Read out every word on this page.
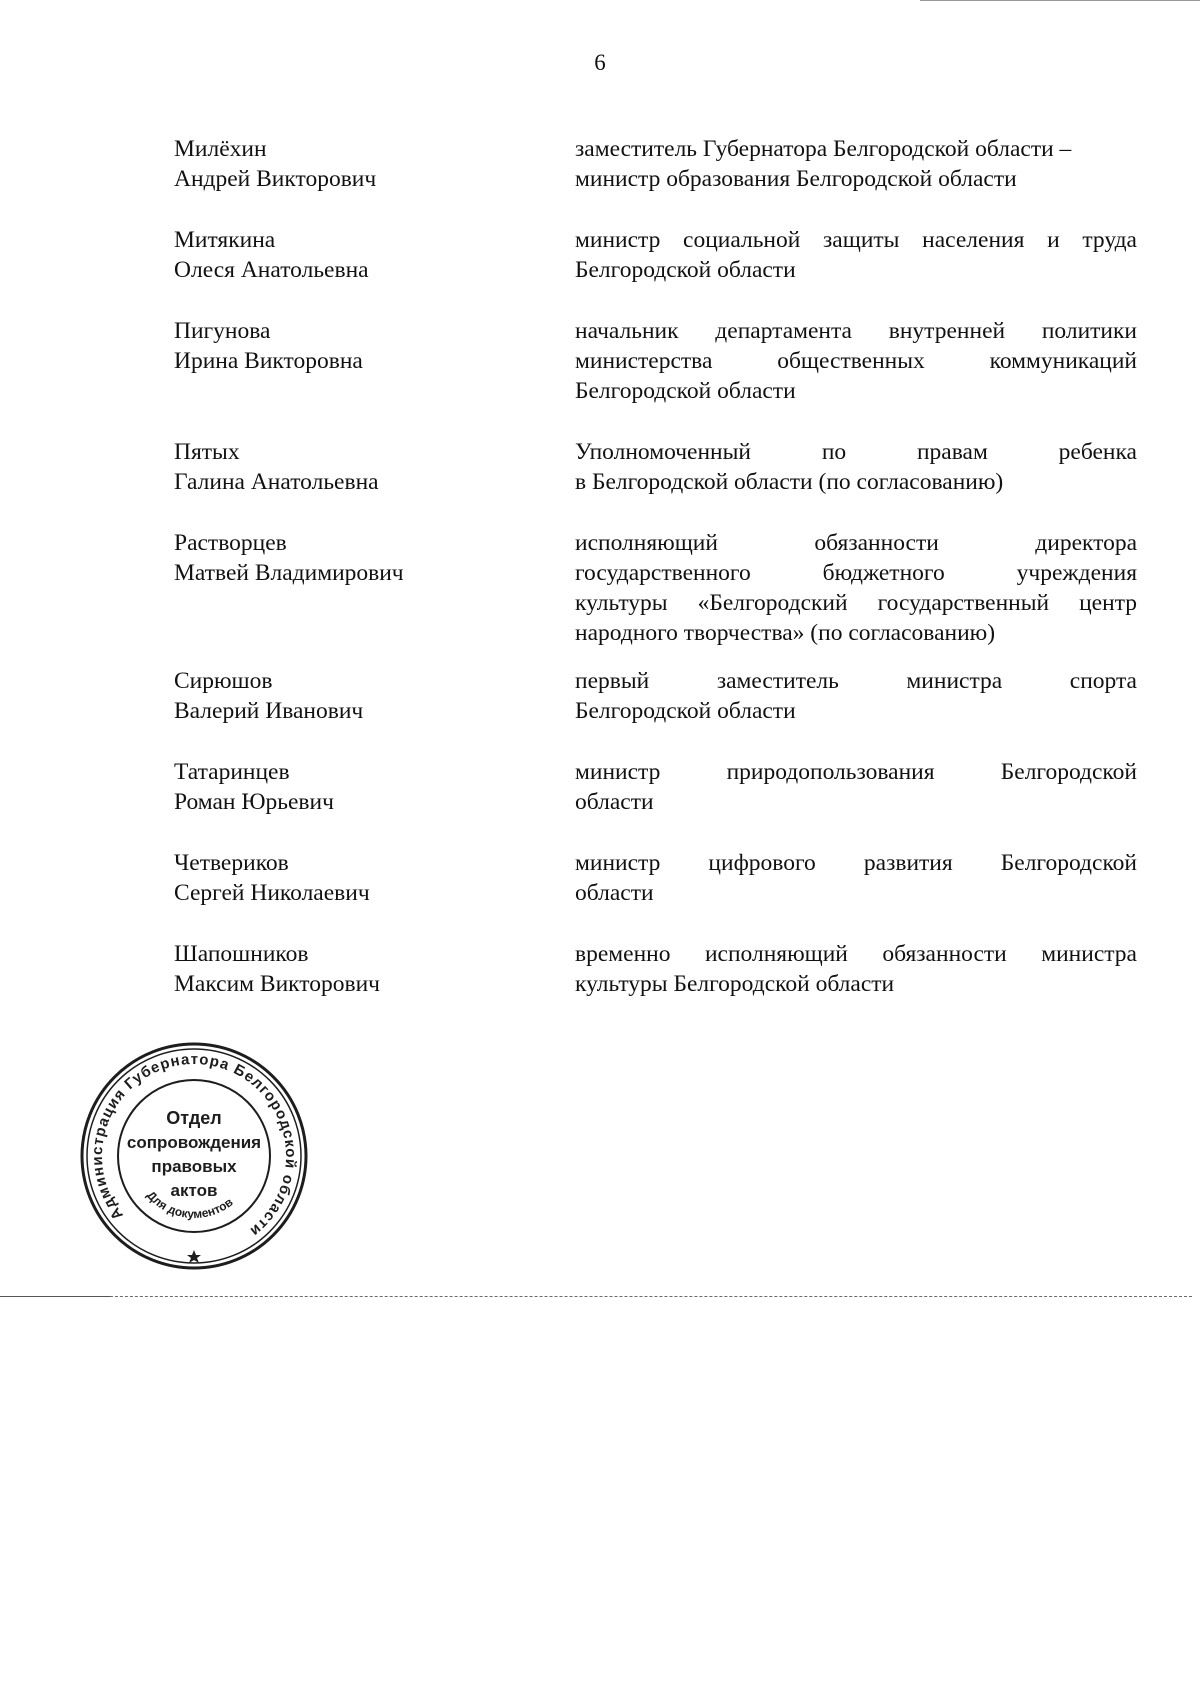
6
Милёхин
Андрей Викторович
заместитель Губернатора Белгородской области –
министр образования Белгородской области
Митякина
Олеся Анатольевна
министр социальной защиты населения и труда
Белгородской области
Пигунова
Ирина Викторовна
начальник департамента внутренней политики
министерства общественных коммуникаций
Белгородской области
Пятых
Галина Анатольевна
Уполномоченный по правам ребенка
в Белгородской области (по согласованию)
Растворцев
Матвей Владимирович
исполняющий обязанности директора
государственного бюджетного учреждения
культуры «Белгородский государственный центр
народного творчества» (по согласованию)
Сирюшов
Валерий Иванович
первый заместитель министра спорта
Белгородской области
Татаринцев
Роман Юрьевич
министр природопользования Белгородской
области
Четвериков
Сергей Николаевич
министр цифрового развития Белгородской
области
Шапошников
Максим Викторович
временно исполняющий обязанности министра
культуры Белгородской области
Администрация Губернатора Белгородской области
Отдел
сопровождения
правовых
актов
Для документов
